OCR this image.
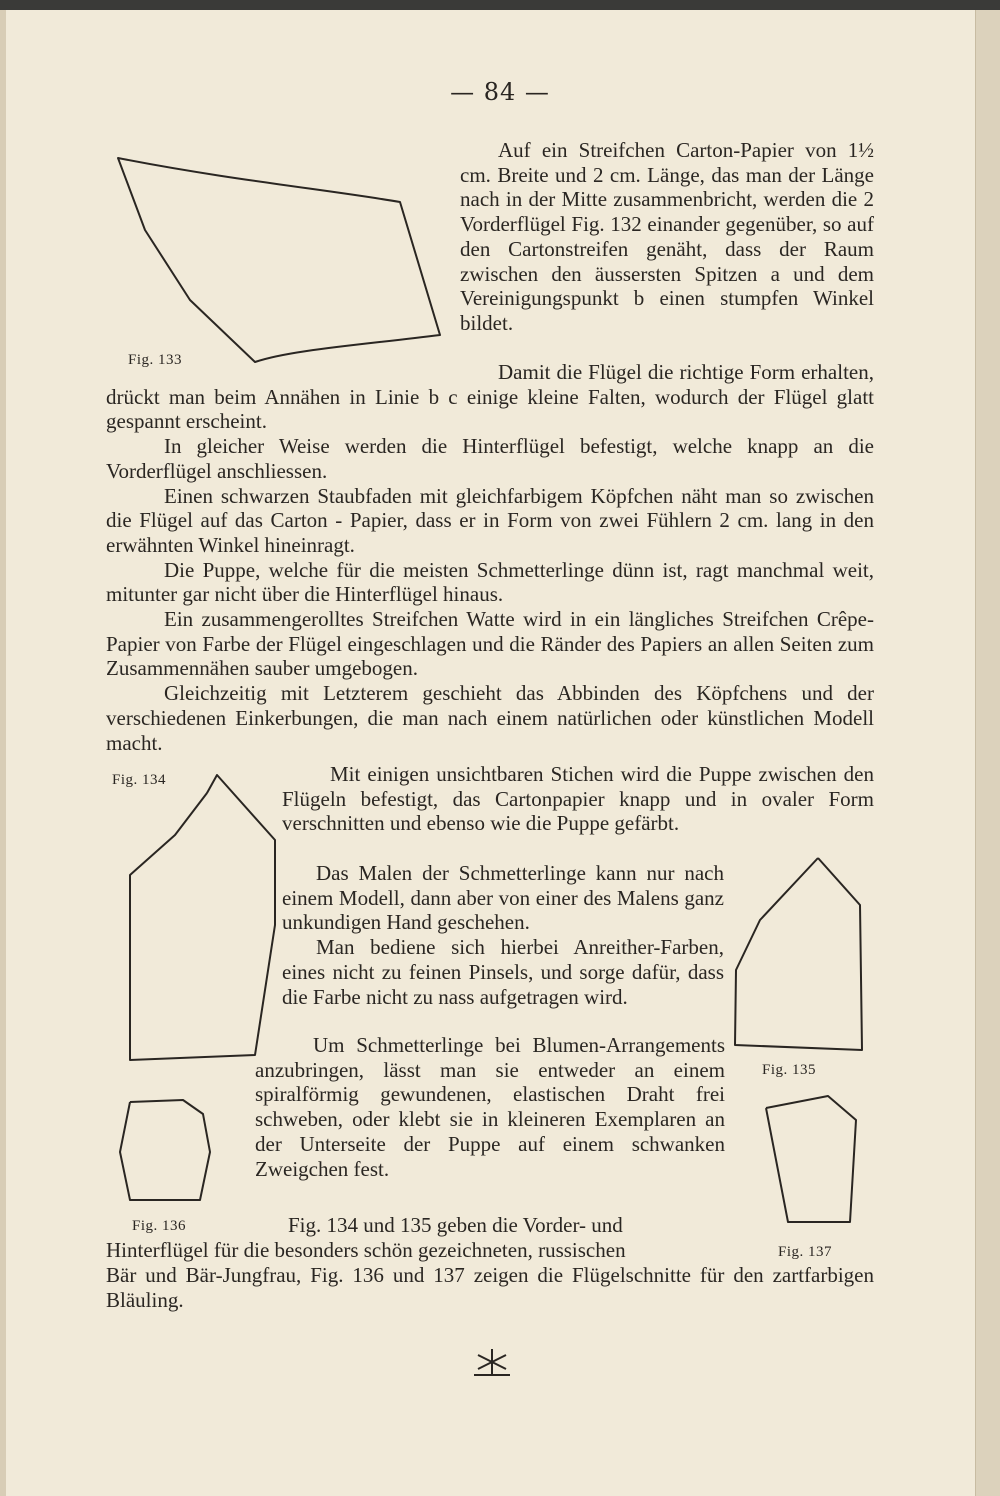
— 84 —
Fig. 133

Auf ein Streifchen Carton-Papier von 1½ cm. Breite und 2 cm. Länge, das man der Länge nach in der Mitte zusammenbricht, werden die 2 Vorderflügel Fig. 132 einander gegenüber, so auf den Cartonstreifen genäht, dass der Raum zwischen den äussersten Spitzen a und dem Vereinigungspunkt b einen stumpfen Winkel bildet.

Damit die Flügel die richtige Form erhalten, drückt man beim Annähen in Linie b c einige kleine Falten, wodurch der Flügel glatt gespannt erscheint.

In gleicher Weise werden die Hinterflügel befestigt, welche knapp an die Vorderflügel anschliessen.

Einen schwarzen Staubfaden mit gleichfarbigem Köpfchen näht man so zwischen die Flügel auf das Carton - Papier, dass er in Form von zwei Fühlern 2 cm. lang in den erwähnten Winkel hineinragt.

Die Puppe, welche für die meisten Schmetterlinge dünn ist, ragt manchmal weit, mitunter gar nicht über die Hinterflügel hinaus.

Ein zusammengerolltes Streifchen Watte wird in ein längliches Streifchen Crêpe-Papier von Farbe der Flügel eingeschlagen und die Ränder des Papiers an allen Seiten zum Zusammennähen sauber umgebogen.

Gleichzeitig mit Letzterem geschieht das Abbinden des Köpfchens und der verschiedenen Einkerbungen, die man nach einem natürlichen oder künstlichen Modell macht.

Fig. 134	Mit einigen unsichtbaren Stichen wird die Puppe zwischen den Flügeln befestigt, das Cartonpapier knapp und in ovaler Form verschnitten und ebenso wie die Puppe gefärbt.

Das Malen der Schmetterlinge kann nur nach einem Modell, dann aber von einer des Malens ganz unkundigen Hand geschehen.

Man bediene sich hierbei Anreither-Farben, eines nicht zu feinen Pinsels, und sorge dafür, dass die Farbe nicht zu nass aufgetragen wird.

Um Schmetterlinge bei Blumen-Arrangements anzubringen, lässt man sie entweder an einem spiralförmig gewundenen, elastischen Draht frei schweben, oder klebt sie in kleineren Exemplaren an der Unterseite der Puppe auf einem schwanken Zweigchen fest.

Fig. 135
Fig. 136	Fig. 134 und 135 geben die Vorder- und

Hinterflügel für die besonders schön gezeichneten, russischen	Fig. 137

Bär und Bär-Jungfrau, Fig. 136 und 137 zeigen die Flügelschnitte für den zartfarbigen Bläuling.
